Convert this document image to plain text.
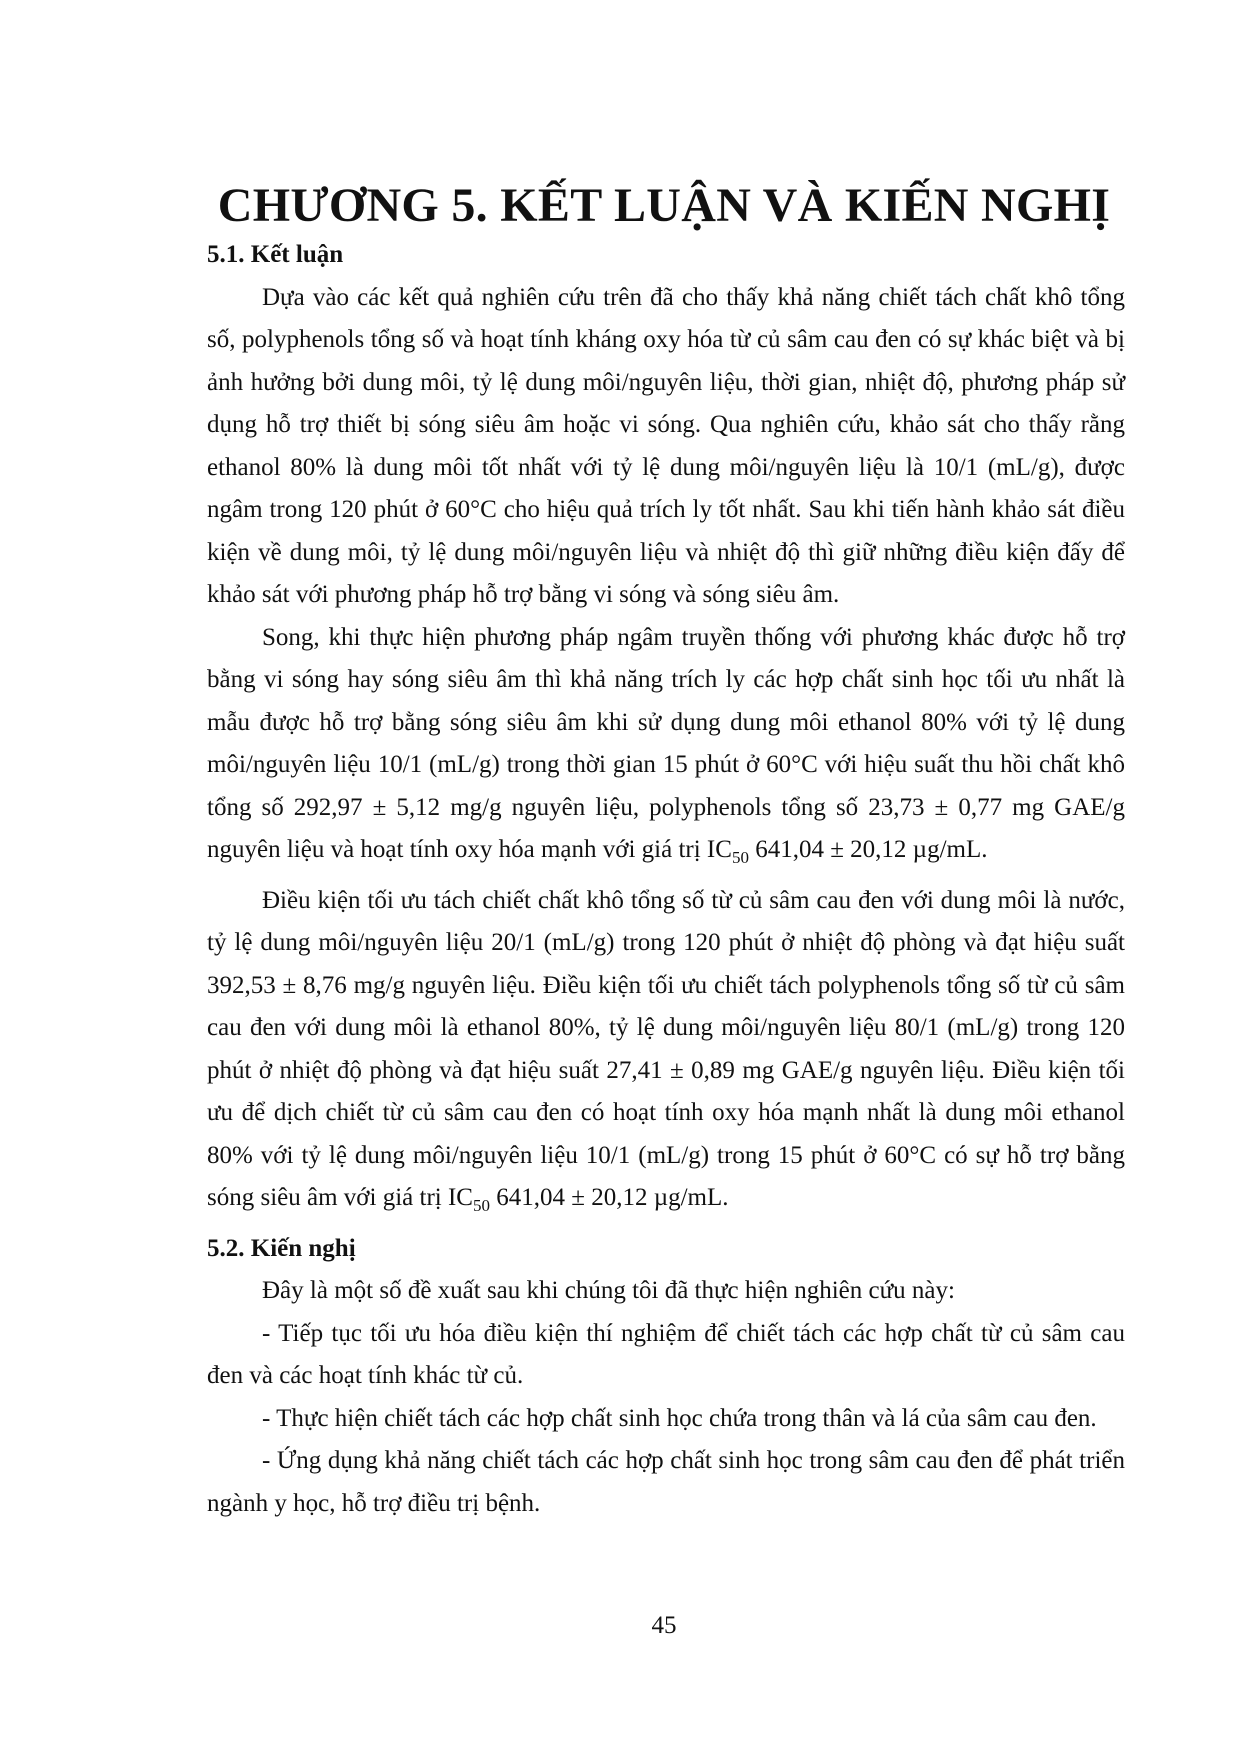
CHƯƠNG 5. KẾT LUẬN VÀ KIẾN NGHỊ

5.1. Kết luận

Dựa vào các kết quả nghiên cứu trên đã cho thấy khả năng chiết tách chất khô tổng số, polyphenols tổng số và hoạt tính kháng oxy hóa từ củ sâm cau đen có sự khác biệt và bị ảnh hưởng bởi dung môi, tỷ lệ dung môi/nguyên liệu, thời gian, nhiệt độ, phương pháp sử dụng hỗ trợ thiết bị sóng siêu âm hoặc vi sóng. Qua nghiên cứu, khảo sát cho thấy rằng ethanol 80% là dung môi tốt nhất với tỷ lệ dung môi/nguyên liệu là 10/1 (mL/g), được ngâm trong 120 phút ở 60°C cho hiệu quả trích ly tốt nhất. Sau khi tiến hành khảo sát điều kiện về dung môi, tỷ lệ dung môi/nguyên liệu và nhiệt độ thì giữ những điều kiện đấy để khảo sát với phương pháp hỗ trợ bằng vi sóng và sóng siêu âm.

Song, khi thực hiện phương pháp ngâm truyền thống với phương khác được hỗ trợ bằng vi sóng hay sóng siêu âm thì khả năng trích ly các hợp chất sinh học tối ưu nhất là mẫu được hỗ trợ bằng sóng siêu âm khi sử dụng dung môi ethanol 80% với tỷ lệ dung môi/nguyên liệu 10/1 (mL/g) trong thời gian 15 phút ở 60°C với hiệu suất thu hồi chất khô tổng số 292,97 ± 5,12 mg/g nguyên liệu, polyphenols tổng số 23,73 ± 0,77 mg GAE/g nguyên liệu và hoạt tính oxy hóa mạnh với giá trị $IC_{50}$ 641,04 ± 20,12 µg/mL.

Điều kiện tối ưu tách chiết chất khô tổng số từ củ sâm cau đen với dung môi là nước, tỷ lệ dung môi/nguyên liệu 20/1 (mL/g) trong 120 phút ở nhiệt độ phòng và đạt hiệu suất 392,53 ± 8,76 mg/g nguyên liệu. Điều kiện tối ưu chiết tách polyphenols tổng số từ củ sâm cau đen với dung môi là ethanol 80%, tỷ lệ dung môi/nguyên liệu 80/1 (mL/g) trong 120 phút ở nhiệt độ phòng và đạt hiệu suất 27,41 ± 0,89 mg GAE/g nguyên liệu. Điều kiện tối ưu để dịch chiết từ củ sâm cau đen có hoạt tính oxy hóa mạnh nhất là dung môi ethanol 80% với tỷ lệ dung môi/nguyên liệu 10/1 (mL/g) trong 15 phút ở 60°C có sự hỗ trợ bằng sóng siêu âm với giá trị $IC_{50}$ 641,04 ± 20,12 µg/mL.

5.2. Kiến nghị

Đây là một số đề xuất sau khi chúng tôi đã thực hiện nghiên cứu này:

- Tiếp tục tối ưu hóa điều kiện thí nghiệm để chiết tách các hợp chất từ củ sâm cau đen và các hoạt tính khác từ củ.

- Thực hiện chiết tách các hợp chất sinh học chứa trong thân và lá của sâm cau đen.

- Ứng dụng khả năng chiết tách các hợp chất sinh học trong sâm cau đen để phát triển ngành y học, hỗ trợ điều trị bệnh.

45
